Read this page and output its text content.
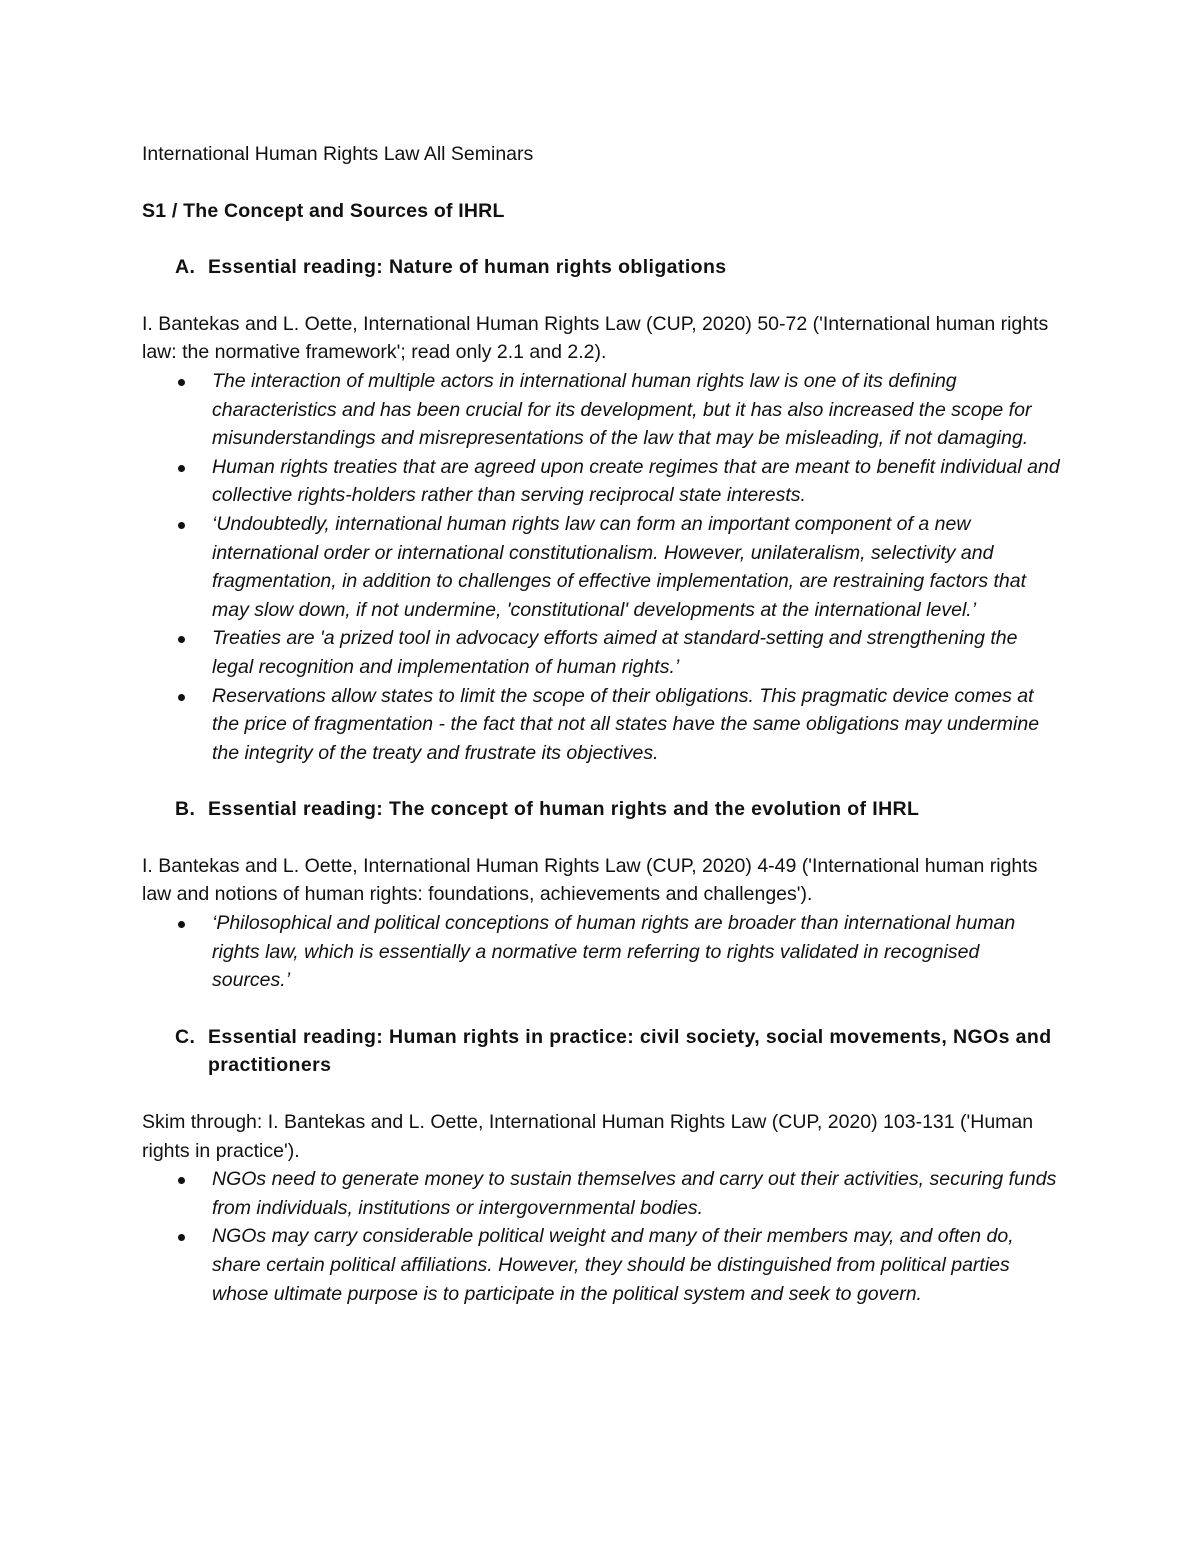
International Human Rights Law All Seminars

S1 / The Concept and Sources of IHRL

A. Essential reading: Nature of human rights obligations

I. Bantekas and L. Oette, International Human Rights Law (CUP, 2020) 50-72 ('International human rights law: the normative framework'; read only 2.1 and 2.2).

The interaction of multiple actors in international human rights law is one of its defining characteristics and has been crucial for its development, but it has also increased the scope for misunderstandings and misrepresentations of the law that may be misleading, if not damaging.
Human rights treaties that are agreed upon create regimes that are meant to benefit individual and collective rights-holders rather than serving reciprocal state interests.
‘Undoubtedly, international human rights law can form an important component of a new international order or international constitutionalism. However, unilateralism, selectivity and fragmentation, in addition to challenges of effective implementation, are restraining factors that may slow down, if not undermine, 'constitutional' developments at the international level.’
Treaties are 'a prized tool in advocacy efforts aimed at standard-setting and strengthening the legal recognition and implementation of human rights.’
Reservations allow states to limit the scope of their obligations. This pragmatic device comes at the price of fragmentation - the fact that not all states have the same obligations may undermine the integrity of the treaty and frustrate its objectives.
B. Essential reading: The concept of human rights and the evolution of IHRL

I. Bantekas and L. Oette, International Human Rights Law (CUP, 2020) 4-49 ('International human rights law and notions of human rights: foundations, achievements and challenges').

‘Philosophical and political conceptions of human rights are broader than international human rights law, which is essentially a normative term referring to rights validated in recognised sources.’
C. Essential reading: Human rights in practice: civil society, social movements, NGOs and practitioners

Skim through: I. Bantekas and L. Oette, International Human Rights Law (CUP, 2020) 103-131 ('Human rights in practice').

NGOs need to generate money to sustain themselves and carry out their activities, securing funds from individuals, institutions or intergovernmental bodies.
NGOs may carry considerable political weight and many of their members may, and often do, share certain political affiliations. However, they should be distinguished from political parties whose ultimate purpose is to participate in the political system and seek to govern.
